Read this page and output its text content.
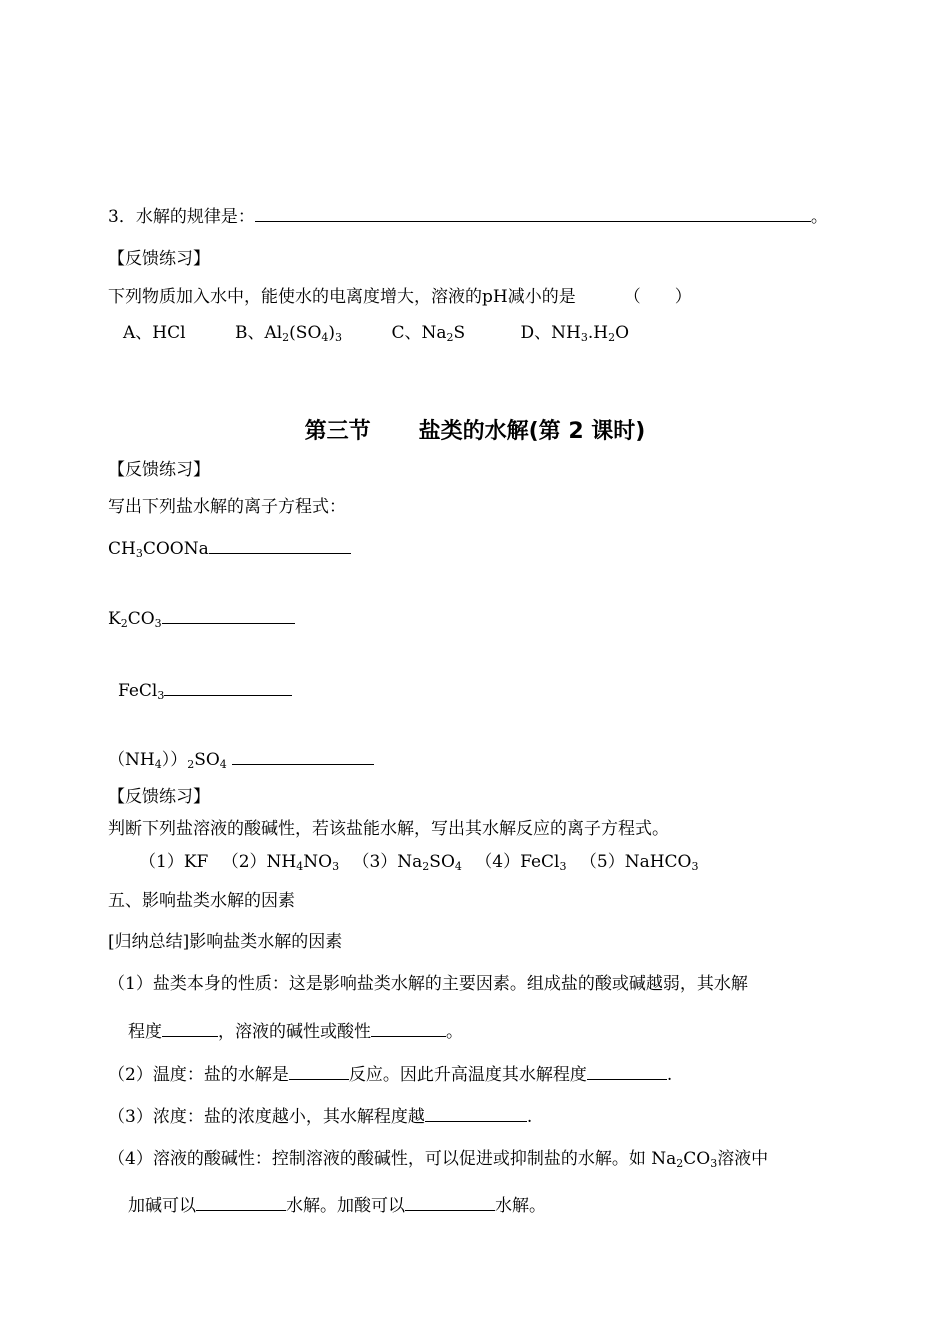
3．水解的规律是：	。
【反馈练习】
下列物质加入水中，能使水的电离度增大，溶液的pH减小的是	（　　）
A、HCl	B、$Al_2(SO_4)_3$	C、$Na_2S$	D、$NH_3.H_2O$
第三节 盐类的水解(第 2 课时)
【反馈练习】
写出下列盐水解的离子方程式：
$CH_3COONa$
$K_2CO_3$
FeCl$_3$
$(NH_4))_2SO_4$
【反馈练习】
判断下列盐溶液的酸碱性，若该盐能水解，写出其水解反应的离子方程式。
（1）KF $(2)NH_4NO_3$ $(3)Na_2SO_4$ （4）FeCl$_3$ （5）NaHCO$_3$
五、影响盐类水解的因素
[归纳总结]影响盐类水解的因素
（1）盐类本身的性质：这是影响盐类水解的主要因素。组成盐的酸或碱越弱，其水解
程度	，溶液的碱性或酸性	。
（2）温度：盐的水解是	反应。因此升高温度其水解程度	.
（3）浓度：盐的浓度越小，其水解程度越	.
（4）溶液的酸碱性：控制溶液的酸碱性，可以促进或抑制盐的水解。如 $Na_2CO_3$溶液中
加碱可以	水解。加酸可以	水解。
